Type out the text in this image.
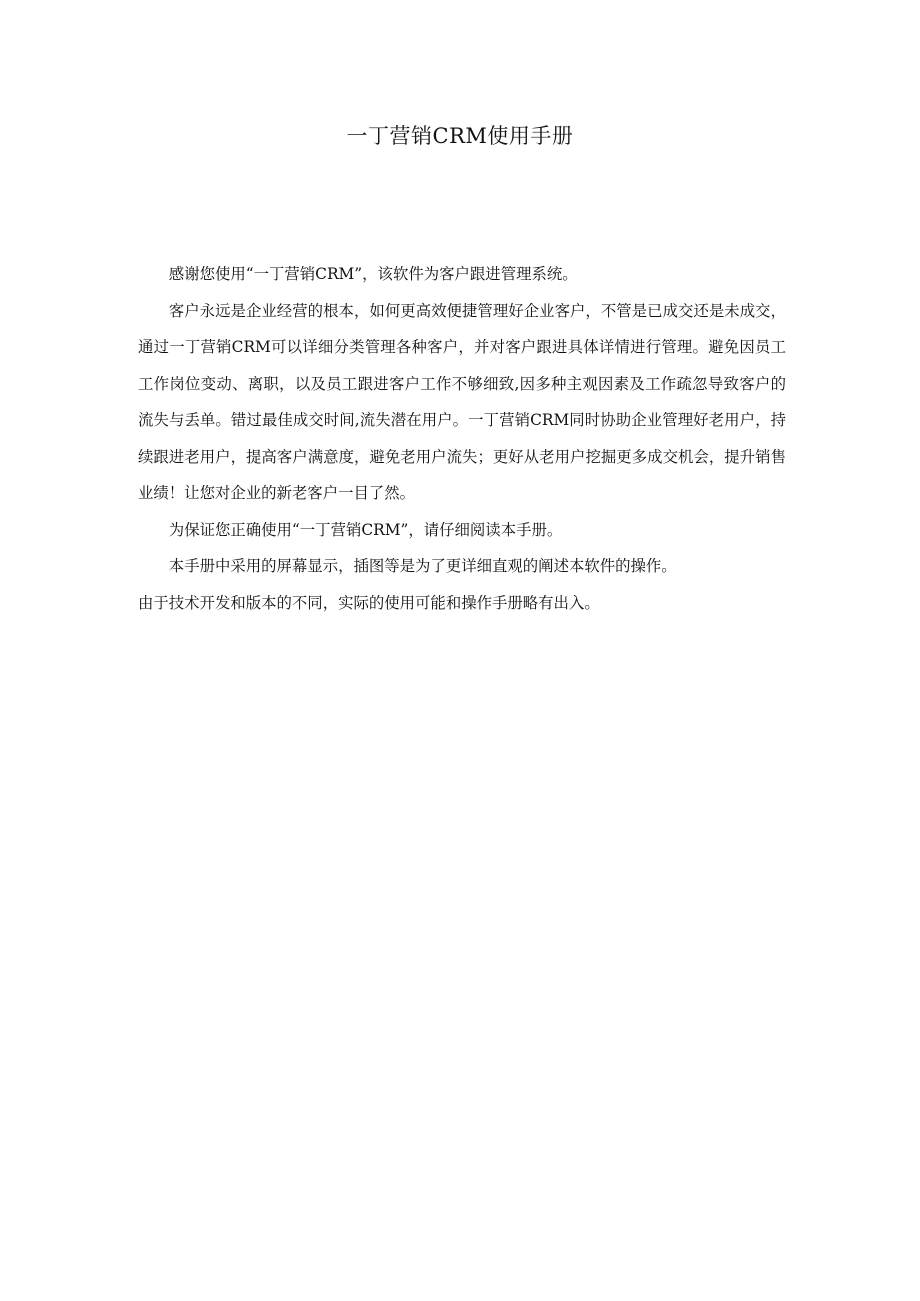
一丁营销CRM使用手册

感谢您使用“一丁营销CRM”，该软件为客户跟进管理系统。

客户永远是企业经营的根本，如何更高效便捷管理好企业客户，不管是已成交还是未成交，通过一丁营销CRM可以详细分类管理各种客户，并对客户跟进具体详情进行管理。避免因员工工作岗位变动、离职，以及员工跟进客户工作不够细致,因多种主观因素及工作疏忽导致客户的流失与丢单。错过最佳成交时间,流失潜在用户。一丁营销CRM同时协助企业管理好老用户，持续跟进老用户，提高客户满意度，避免老用户流失；更好从老用户挖掘更多成交机会，提升销售业绩！让您对企业的新老客户一目了然。

为保证您正确使用“一丁营销CRM”，请仔细阅读本手册。

本手册中采用的屏幕显示，插图等是为了更详细直观的阐述本软件的操作。

由于技术开发和版本的不同，实际的使用可能和操作手册略有出入。
